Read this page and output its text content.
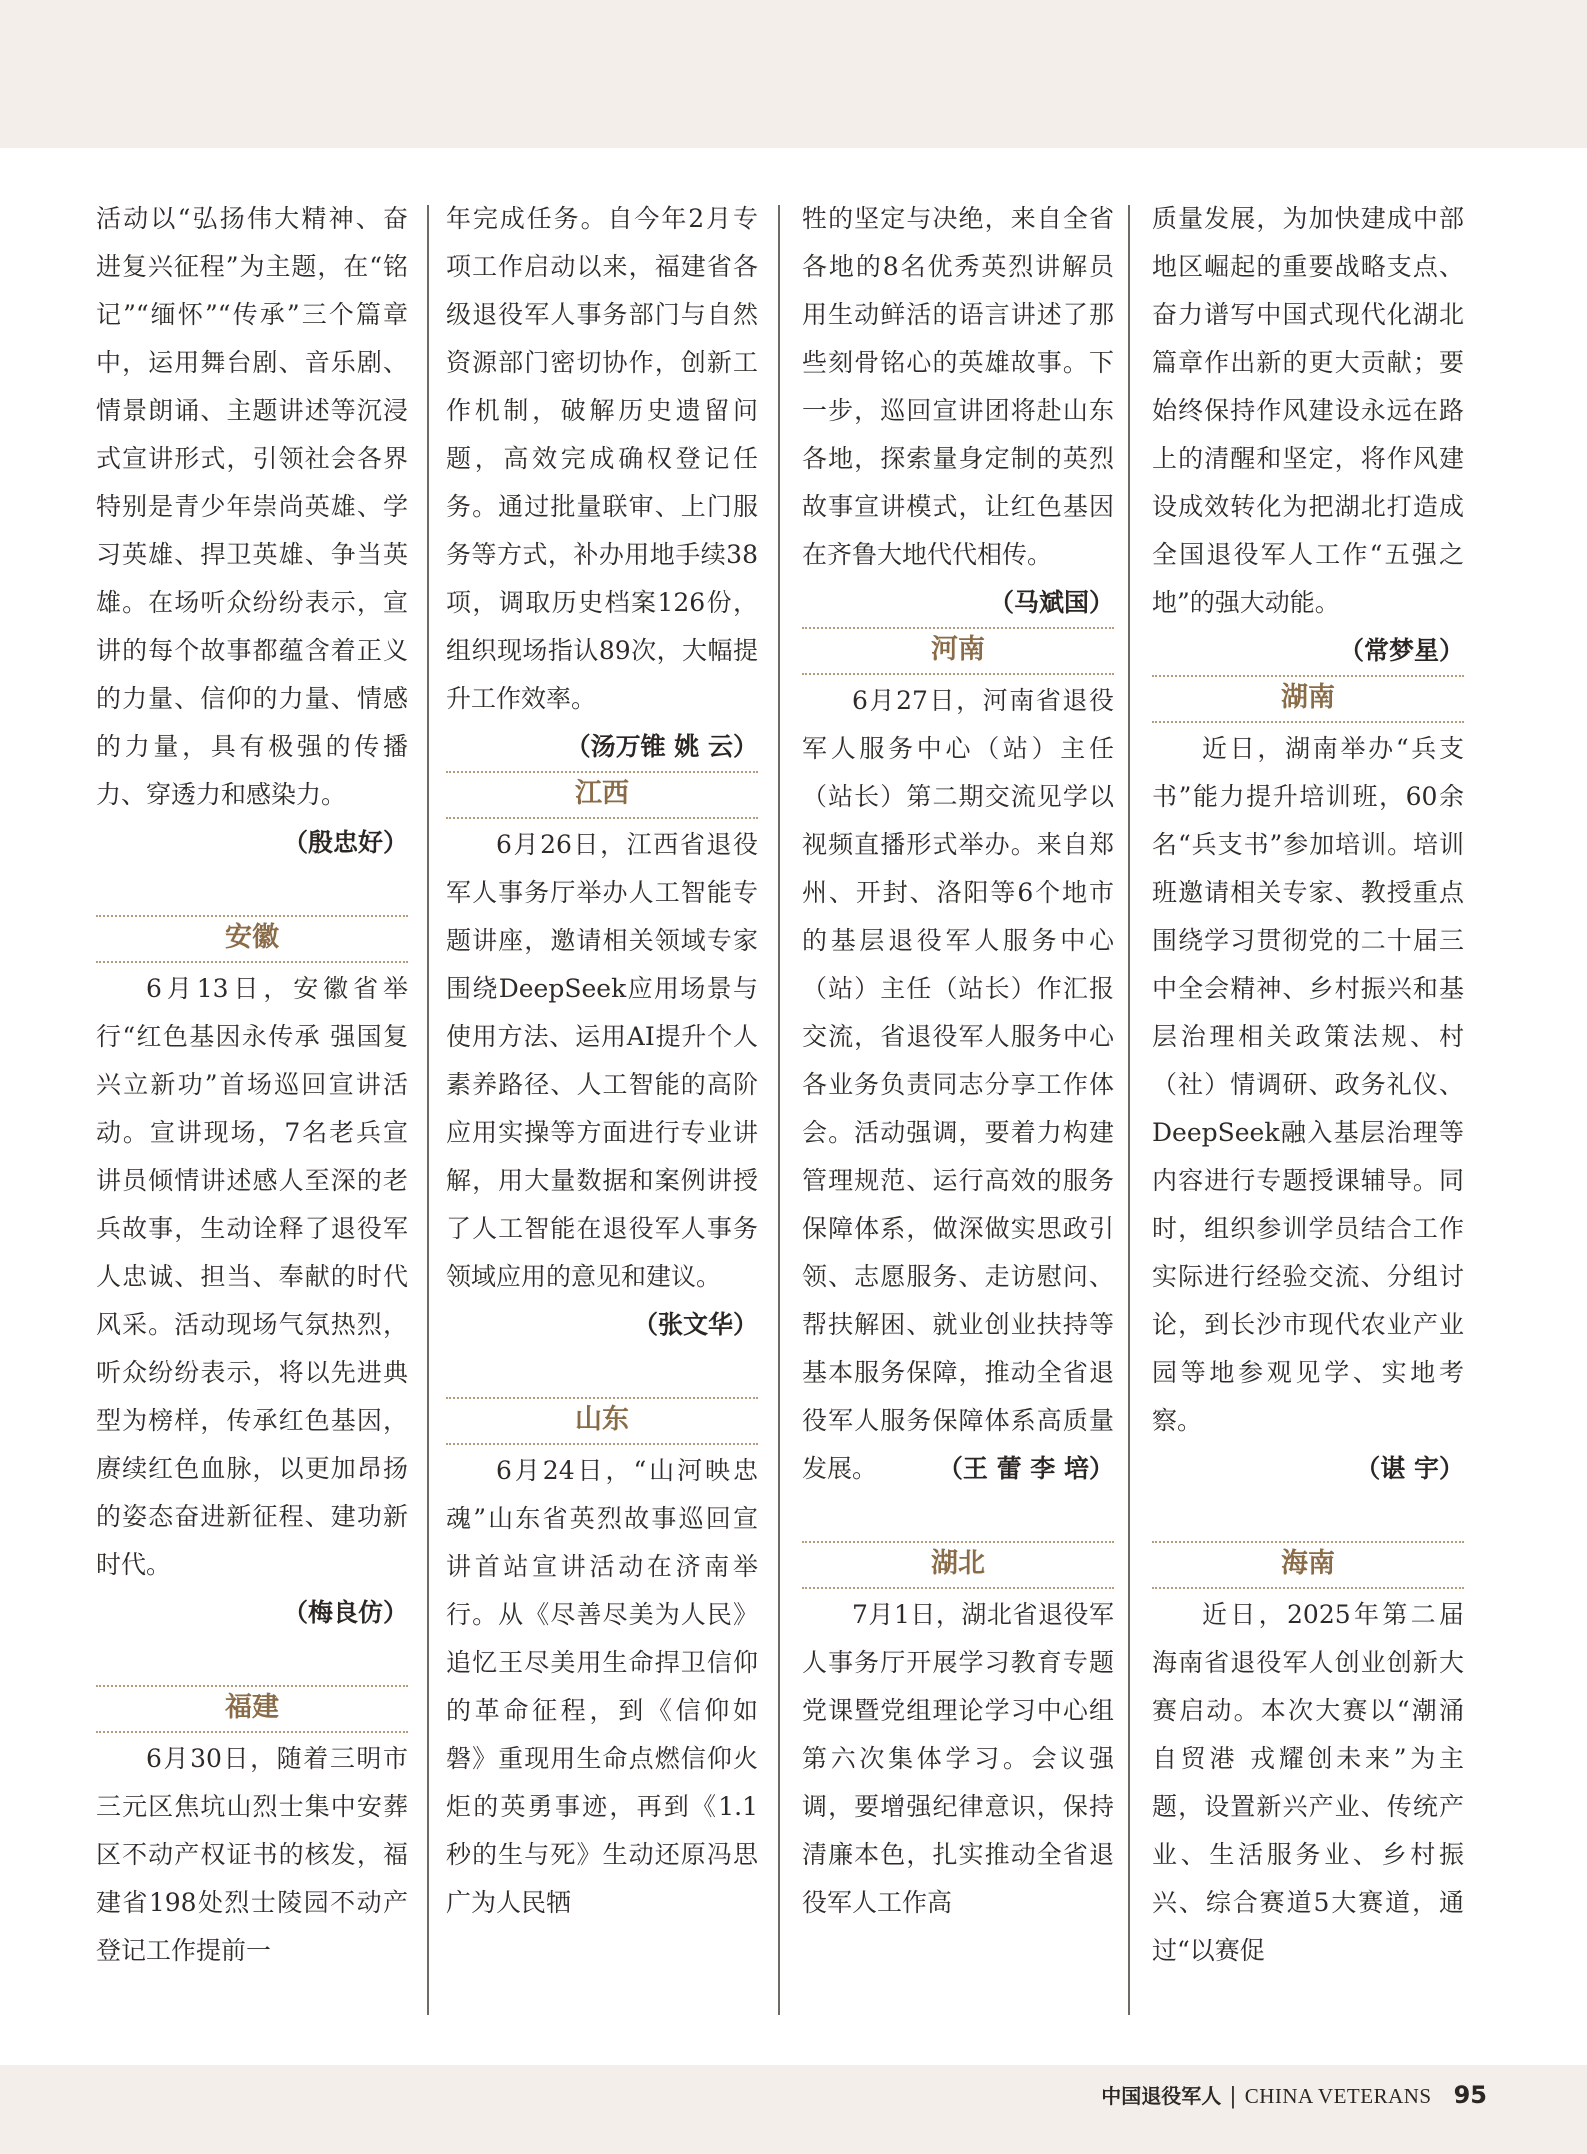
活动以“弘扬伟大精神、奋进复兴征程”为主题，在“铭记”“缅怀”“传承”三个篇章中，运用舞台剧、音乐剧、情景朗诵、主题讲述等沉浸式宣讲形式，引领社会各界特别是青少年崇尚英雄、学习英雄、捍卫英雄、争当英雄。在场听众纷纷表示，宣讲的每个故事都蕴含着正义的力量、信仰的力量、情感的力量，具有极强的传播力、穿透力和感染力。

（殷忠好）
安徽

6月13日，安徽省举行“红色基因永传承 强国复兴立新功”首场巡回宣讲活动。宣讲现场，7名老兵宣讲员倾情讲述感人至深的老兵故事，生动诠释了退役军人忠诚、担当、奉献的时代风采。活动现场气氛热烈，听众纷纷表示，将以先进典型为榜样，传承红色基因，赓续红色血脉，以更加昂扬的姿态奋进新征程、建功新时代。

（梅良仿）
福建

6月30日，随着三明市三元区焦坑山烈士集中安葬区不动产权证书的核发，福建省198处烈士陵园不动产登记工作提前一

年完成任务。自今年2月专项工作启动以来，福建省各级退役军人事务部门与自然资源部门密切协作，创新工作机制，破解历史遗留问题，高效完成确权登记任务。通过批量联审、上门服务等方式，补办用地手续38项，调取历史档案126份，组织现场指认89次，大幅提升工作效率。
（汤万锥 姚 云）

江西

6月26日，江西省退役军人事务厅举办人工智能专题讲座，邀请相关领域专家围绕DeepSeek应用场景与使用方法、运用AI提升个人素养路径、人工智能的高阶应用实操等方面进行专业讲解，用大量数据和案例讲授了人工智能在退役军人事务领域应用的意见和建议。

（张文华）
山东

6月24日，“山河映忠魂”山东省英烈故事巡回宣讲首站宣讲活动在济南举行。从《尽善尽美为人民》追忆王尽美用生命捍卫信仰的革命征程，到《信仰如磐》重现用生命点燃信仰火炬的英勇事迹，再到《1.1秒的生与死》生动还原冯思广为人民牺

牲的坚定与决绝，来自全省各地的8名优秀英烈讲解员用生动鲜活的语言讲述了那些刻骨铭心的英雄故事。下一步，巡回宣讲团将赴山东各地，探索量身定制的英烈故事宣讲模式，让红色基因在齐鲁大地代代相传。
（马斌国）

河南

6月27日，河南省退役军人服务中心（站）主任（站长）第二期交流见学以视频直播形式举办。来自郑州、开封、洛阳等6个地市的基层退役军人服务中心（站）主任（站长）作汇报交流，省退役军人服务中心各业务负责同志分享工作体会。活动强调，要着力构建管理规范、运行高效的服务保障体系，做深做实思政引领、志愿服务、走访慰问、帮扶解困、就业创业扶持等基本服务保障，推动全省退役军人服务保障体系高质量发展。	（王 蕾 李 培）

湖北

7月1日，湖北省退役军人事务厅开展学习教育专题党课暨党组理论学习中心组第六次集体学习。会议强调，要增强纪律意识，保持清廉本色，扎实推动全省退役军人工作高

质量发展，为加快建成中部地区崛起的重要战略支点、奋力谱写中国式现代化湖北篇章作出新的更大贡献；要始终保持作风建设永远在路上的清醒和坚定，将作风建设成效转化为把湖北打造成全国退役军人工作“五强之地”的强大动能。
（常梦星）

湖南

近日，湖南举办“兵支书”能力提升培训班，60余名“兵支书”参加培训。培训班邀请相关专家、教授重点围绕学习贯彻党的二十届三中全会精神、乡村振兴和基层治理相关政策法规、村（社）情调研、政务礼仪、DeepSeek融入基层治理等内容进行专题授课辅导。同时，组织参训学员结合工作实际进行经验交流、分组讨论，到长沙市现代农业产业园等地参观见学、实地考察。

（谌 宇）
海南

近日，2025年第二届海南省退役军人创业创新大赛启动。本次大赛以“潮涌自贸港 戎耀创未来”为主题，设置新兴产业、传统产业、生活服务业、乡村振兴、综合赛道5大赛道，通过“以赛促

中国退役军人 | CHINA VETERANS 95
